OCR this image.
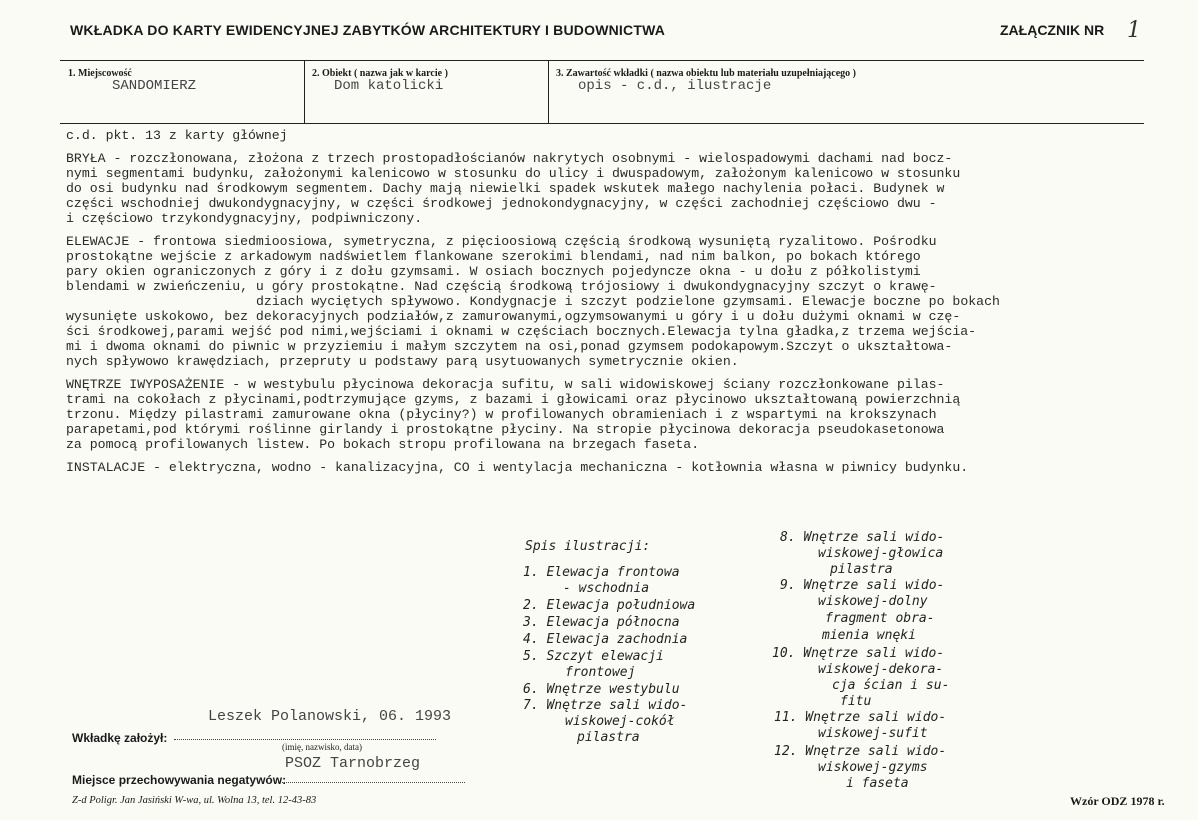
WKŁADKA DO KARTY EWIDENCYJNEJ ZABYTKÓW ARCHITEKTURY I BUDOWNICTWA	ZAŁĄCZNIK NR 1
1. Miejscowość
SANDOMIERZ
2. Obiekt ( nazwa jak w karcie )
Dom katolicki
3. Zawartość wkładki ( nazwa obiektu lub materiału uzupełniającego )
opis - c.d., ilustracje

c.d. pkt. 13 z karty głównej

BRYŁA - rozczłonowana, złożona z trzech prostopadłościanów nakrytych osobnymi - wielospadowymi dachami nad bocz-

nymi segmentami budynku, założonymi kalenicowo w stosunku do ulicy i dwuspadowym, założonym kalenicowo w stosunku

do osi budynku nad środkowym segmentem. Dachy mają niewielki spadek wskutek małego nachylenia połaci. Budynek w

części wschodniej dwukondygnacyjny, w części środkowej jednokondygnacyjny, w części zachodniej częściowo dwu -

i częściowo trzykondygnacyjny, podpiwniczony.

ELEWACJE - frontowa siedmioosiowa, symetryczna, z pięcioosiową częścią środkową wysuniętą ryzalitowo. Pośrodku

prostokątne wejście z arkadowym nadświetlem flankowane szerokimi blendami, nad nim balkon, po bokach którego

pary okien ograniczonych z góry i z dołu gzymsami. W osiach bocznych pojedyncze okna - u dołu z półkolistymi

blendami w zwieńczeniu, u góry prostokątne. Nad częścią środkową trójosiowy i dwukondygnacyjny szczyt o krawę-

dziach wyciętych spływowo. Kondygnacje i szczyt podzielone gzymsami. Elewacje boczne po bokach

wysunięte uskokowo, bez dekoracyjnych podziałów,z zamurowanymi,ogzymsowanymi u góry i u dołu dużymi oknami w czę-

ści środkowej,parami wejść pod nimi,wejściami i oknami w częściach bocznych.Elewacja tylna gładka,z trzema wejścia-

mi i dwoma oknami do piwnic w przyziemiu i małym szczytem na osi,ponad gzymsem podokapowym.Szczyt o ukształtowa-

nych spływowo krawędziach, przepruty u podstawy parą usytuowanych symetrycznie okien.

WNĘTRZE IWYPOSAŻENIE - w westybulu płycinowa dekoracja sufitu, w sali widowiskowej ściany rozczłonkowane pilas-

trami na cokołach z płycinami,podtrzymujące gzyms, z bazami i głowicami oraz płycinowo ukształtowaną powierzchnią

trzonu. Między pilastrami zamurowane okna (płyciny?) w profilowanych obramieniach i z wspartymi na krokszynach

parapetami,pod którymi roślinne girlandy i prostokątne płyciny. Na stropie płycinowa dekoracja pseudokasetonowa

za pomocą profilowanych listew. Po bokach stropu profilowana na brzegach faseta.

INSTALACJE - elektryczna, wodno - kanalizacyjna, CO i wentylacja mechaniczna - kotłownia własna w piwnicy budynku.

Spis ilustracji:
1. Elewacja frontowa
- wschodnia
2. Elewacja południowa
3. Elewacja północna
4. Elewacja zachodnia
5. Szczyt elewacji
frontowej
6. Wnętrze westybulu
7. Wnętrze sali wido-
wiskowej-cokół
pilastra
8. Wnętrze sali wido-
wiskowej-głowica
pilastra
9. Wnętrze sali wido-
wiskowej-dolny
fragment obra-
mienia wnęki
10. Wnętrze sali wido-
wiskowej-dekora-
cja ścian i su-
fitu
11. Wnętrze sali wido-
wiskowej-sufit
12. Wnętrze sali wido-
wiskowej-gzyms
i faseta
Leszek Polanowski, 06. 1993
Wkładkę założył:
(imię, nazwisko, data)
PSOZ Tarnobrzeg
Miejsce przechowywania negatywów:
Z-d Poligr. Jan Jasiński W-wa, ul. Wolna 13, tel. 12-43-83	Wzór ODZ 1978 r.
